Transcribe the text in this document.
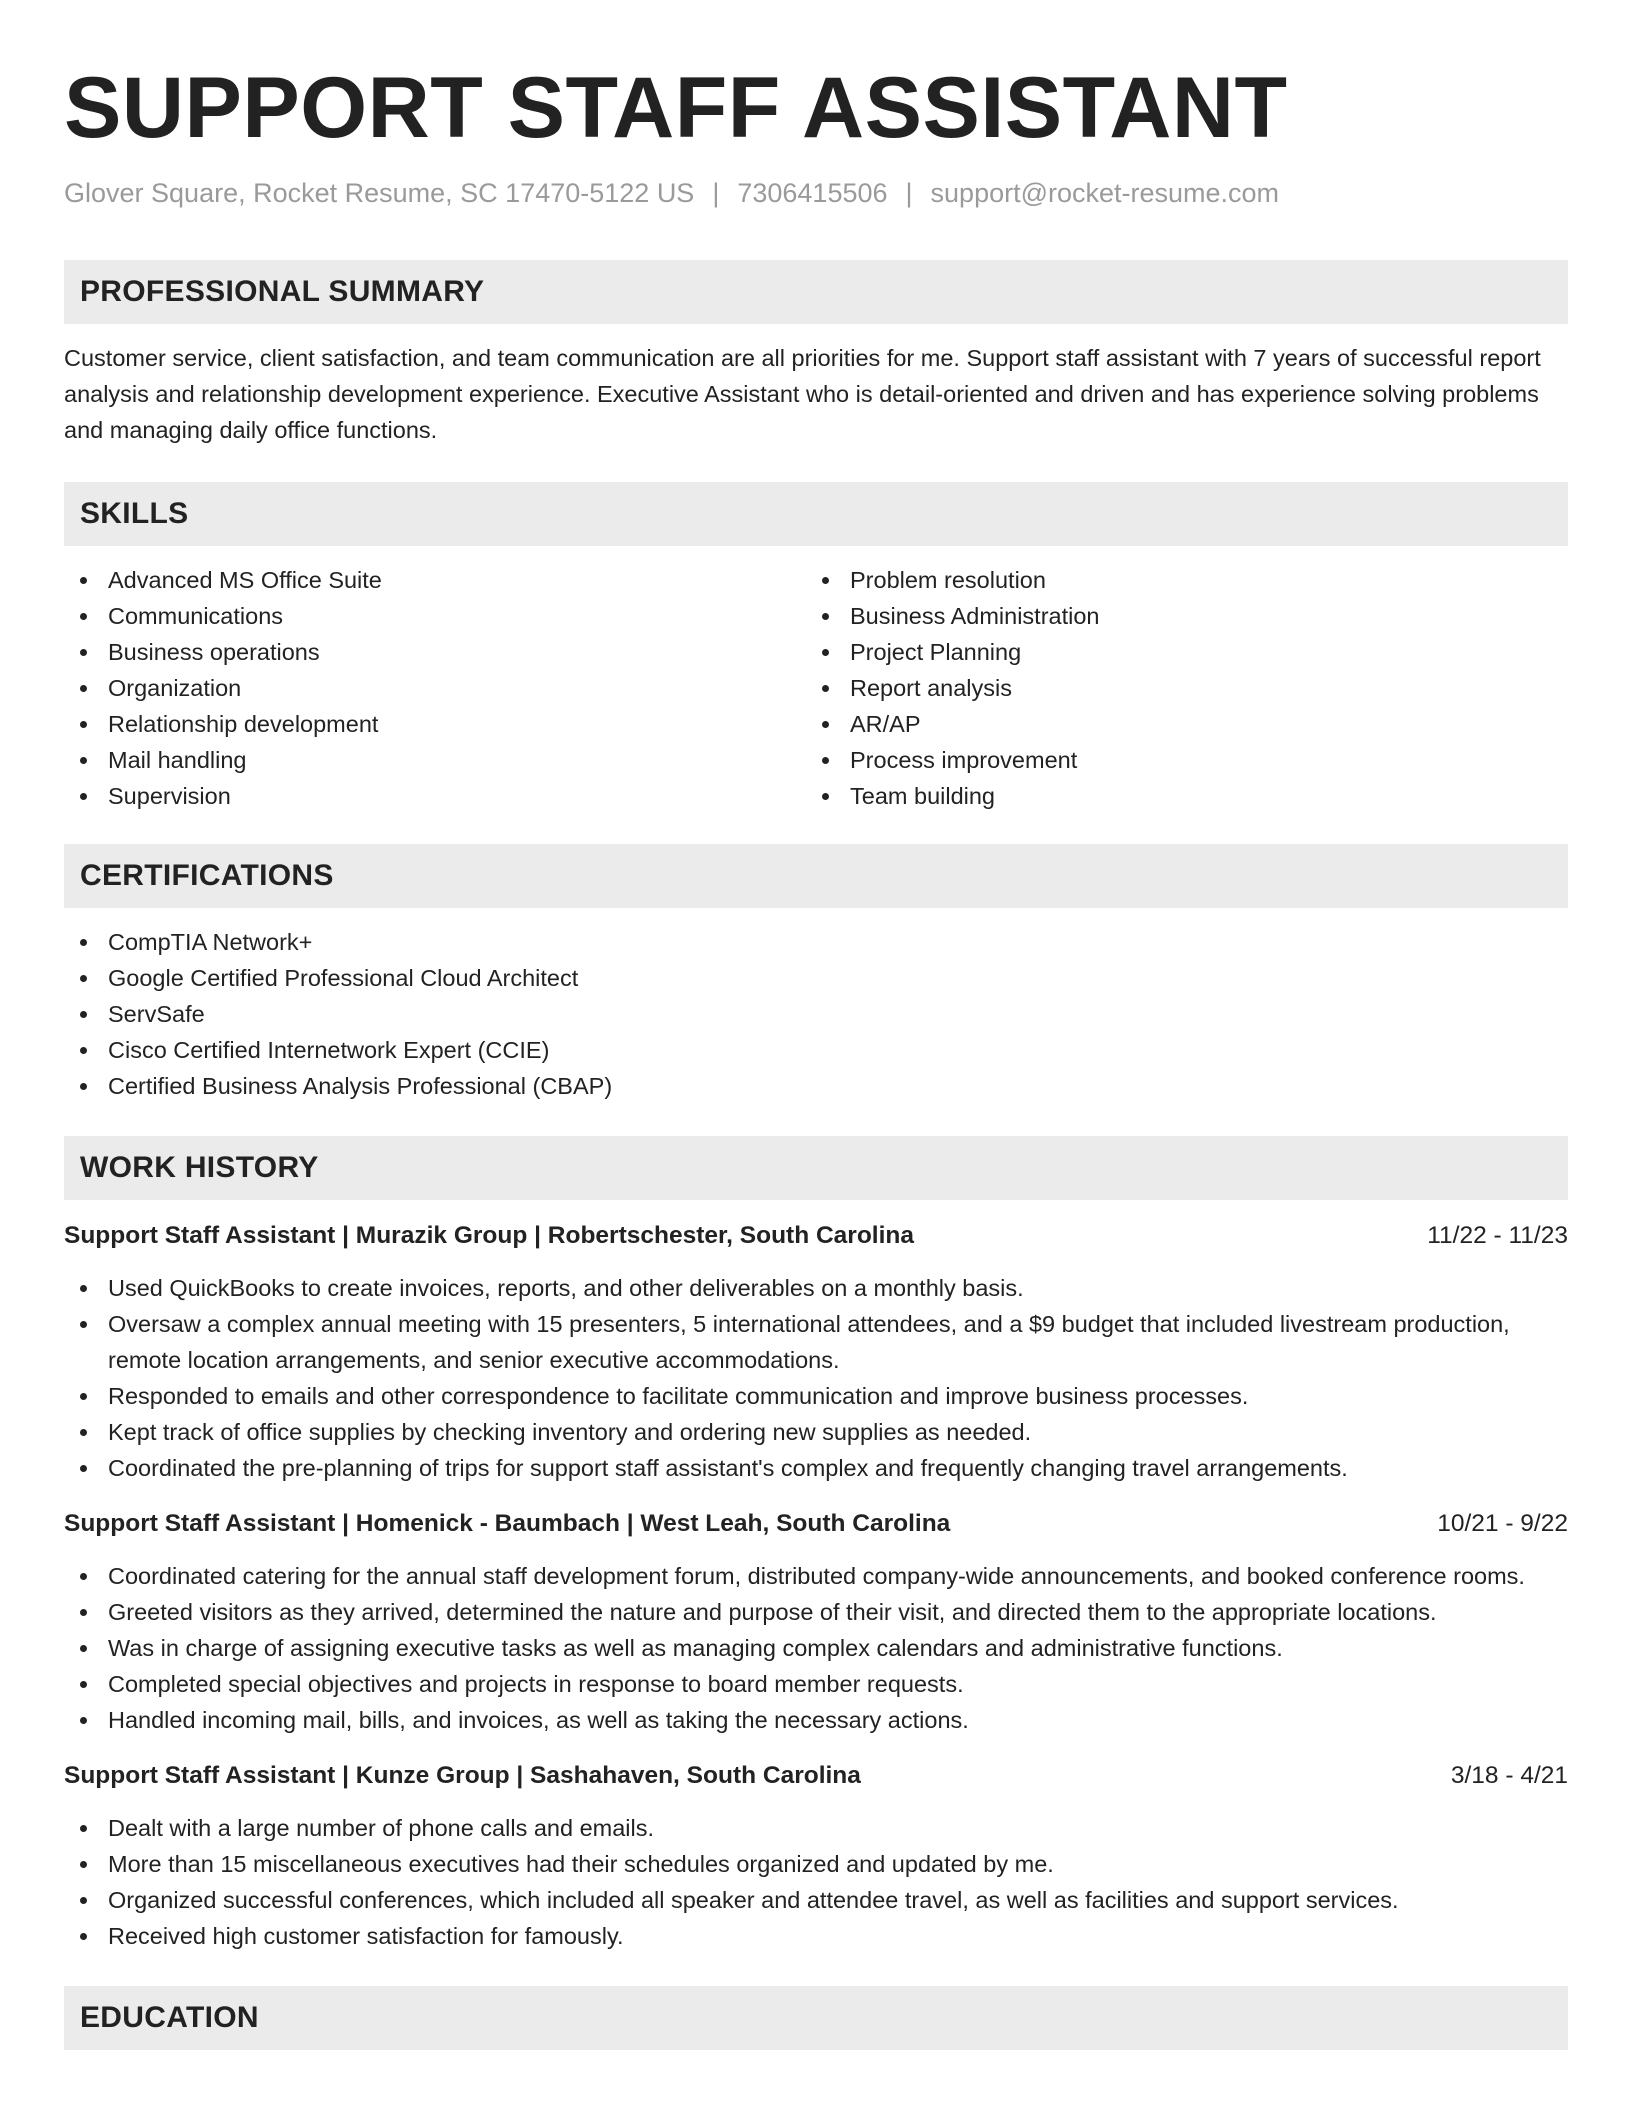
SUPPORT STAFF ASSISTANT
Glover Square, Rocket Resume, SC 17470-5122 US | 7306415506 | support@rocket-resume.com
PROFESSIONAL SUMMARY

Customer service, client satisfaction, and team communication are all priorities for me. Support staff assistant with 7 years of successful report analysis and relationship development experience. Executive Assistant who is detail-oriented and driven and has experience solving problems and managing daily office functions.

SKILLS
Advanced MS Office Suite
Communications
Business operations
Organization
Relationship development
Mail handling
Supervision
Problem resolution
Business Administration
Project Planning
Report analysis
AR/AP
Process improvement
Team building
CERTIFICATIONS
CompTIA Network+
Google Certified Professional Cloud Architect
ServSafe
Cisco Certified Internetwork Expert (CCIE)
Certified Business Analysis Professional (CBAP)
WORK HISTORY
Support Staff Assistant | Murazik Group | Robertschester, South Carolina	11/22 - 11/23
Used QuickBooks to create invoices, reports, and other deliverables on a monthly basis.
Oversaw a complex annual meeting with 15 presenters, 5 international attendees, and a $9 budget that included livestream production, remote location arrangements, and senior executive accommodations.
Responded to emails and other correspondence to facilitate communication and improve business processes.
Kept track of office supplies by checking inventory and ordering new supplies as needed.
Coordinated the pre-planning of trips for support staff assistant's complex and frequently changing travel arrangements.
Support Staff Assistant | Homenick - Baumbach | West Leah, South Carolina	10/21 - 9/22
Coordinated catering for the annual staff development forum, distributed company-wide announcements, and booked conference rooms.
Greeted visitors as they arrived, determined the nature and purpose of their visit, and directed them to the appropriate locations.
Was in charge of assigning executive tasks as well as managing complex calendars and administrative functions.
Completed special objectives and projects in response to board member requests.
Handled incoming mail, bills, and invoices, as well as taking the necessary actions.
Support Staff Assistant | Kunze Group | Sashahaven, South Carolina	3/18 - 4/21
Dealt with a large number of phone calls and emails.
More than 15 miscellaneous executives had their schedules organized and updated by me.
Organized successful conferences, which included all speaker and attendee travel, as well as facilities and support services.
Received high customer satisfaction for famously.
EDUCATION
